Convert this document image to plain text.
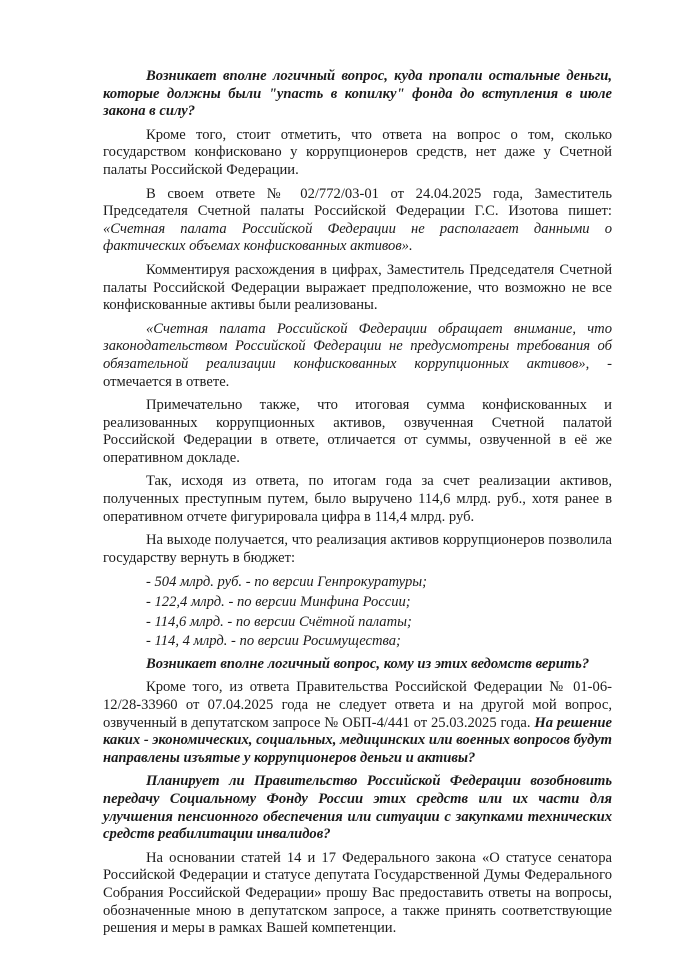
Возникает вполне логичный вопрос, куда пропали остальные деньги, которые должны были "упасть в копилку" фонда до вступления в июле закона в силу?

Кроме того, стоит отметить, что ответа на вопрос о том, сколько государством конфисковано у коррупционеров средств, нет даже у Счетной палаты Российской Федерации.

В своем ответе № 02/772/03-01 от 24.04.2025 года, Заместитель Председателя Счетной палаты Российской Федерации Г.С. Изотова пишет: «Счетная палата Российской Федерации не располагает данными о фактических объемах конфискованных активов».

Комментируя расхождения в цифрах, Заместитель Председателя Счетной палаты Российской Федерации выражает предположение, что возможно не все конфискованные активы были реализованы.

«Счетная палата Российской Федерации обращает внимание, что законодательством Российской Федерации не предусмотрены требования об обязательной реализации конфискованных коррупционных активов», - отмечается в ответе.

Примечательно также, что итоговая сумма конфискованных и реализованных коррупционных активов, озвученная Счетной палатой Российской Федерации в ответе, отличается от суммы, озвученной в её же оперативном докладе.

Так, исходя из ответа, по итогам года за счет реализации активов, полученных преступным путем, было выручено 114,6 млрд. руб., хотя ранее в оперативном отчете фигурировала цифра в 114,4 млрд. руб.

На выходе получается, что реализация активов коррупционеров позволила государству вернуть в бюджет:

- 504 млрд. руб. - по версии Генпрокуратуры;
- 122,4 млрд. - по версии Минфина России;
- 114,6 млрд. - по версии Счётной палаты;
- 114, 4 млрд. - по версии Росимущества;

Возникает вполне логичный вопрос, кому из этих ведомств верить?

Кроме того, из ответа Правительства Российской Федерации № 01-06-12/28-33960 от 07.04.2025 года не следует ответа и на другой мой вопрос, озвученный в депутатском запросе № ОБП-4/441 от 25.03.2025 года. На решение каких - экономических, социальных, медицинских или военных вопросов будут направлены изъятые у коррупционеров деньги и активы?

Планирует ли Правительство Российской Федерации возобновить передачу Социальному Фонду России этих средств или их части для улучшения пенсионного обеспечения или ситуации с закупками технических средств реабилитации инвалидов?

На основании статей 14 и 17 Федерального закона «О статусе сенатора Российской Федерации и статусе депутата Государственной Думы Федерального Собрания Российской Федерации» прошу Вас предоставить ответы на вопросы, обозначенные мною в депутатском запросе, а также принять соответствующие решения и меры в рамках Вашей компетенции.
